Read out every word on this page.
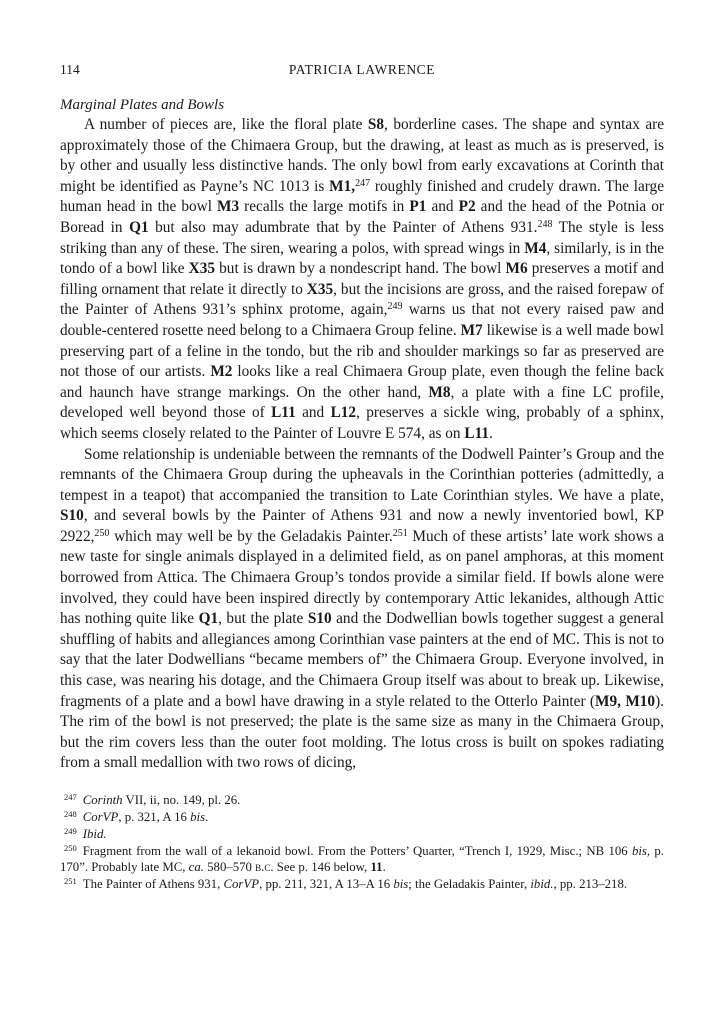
114	PATRICIA LAWRENCE
Marginal Plates and Bowls

A number of pieces are, like the floral plate S8, borderline cases. The shape and syntax are approximately those of the Chimaera Group, but the drawing, at least as much as is preserved, is by other and usually less distinctive hands. The only bowl from early excavations at Corinth that might be identified as Payne’s NC 1013 is M1,$^{247}$ roughly finished and crudely drawn. The large human head in the bowl M3 recalls the large motifs in P1 and P2 and the head of the Potnia or Boread in Q1 but also may adumbrate that by the Painter of Athens 931.$^{248}$ The style is less striking than any of these. The siren, wearing a polos, with spread wings in M4, similarly, is in the tondo of a bowl like X35 but is drawn by a nondescript hand. The bowl M6 preserves a motif and filling ornament that relate it directly to X35, but the incisions are gross, and the raised forepaw of the Painter of Athens 931’s sphinx protome, again,$^{249}$ warns us that not every raised paw and double-centered rosette need belong to a Chimaera Group feline. M7 likewise is a well made bowl preserving part of a feline in the tondo, but the rib and shoulder markings so far as preserved are not those of our artists. M2 looks like a real Chimaera Group plate, even though the feline back and haunch have strange markings. On the other hand, M8, a plate with a fine LC profile, developed well beyond those of L11 and L12, preserves a sickle wing, probably of a sphinx, which seems closely related to the Painter of Louvre E 574, as on L11.

Some relationship is undeniable between the remnants of the Dodwell Painter’s Group and the remnants of the Chimaera Group during the upheavals in the Corinthian potteries (admittedly, a tempest in a teapot) that accompanied the transition to Late Corinthian styles. We have a plate, S10, and several bowls by the Painter of Athens 931 and now a newly inventoried bowl, KP 2922,$^{250}$ which may well be by the Geladakis Painter.$^{251}$ Much of these artists’ late work shows a new taste for single animals displayed in a delimited field, as on panel amphoras, at this moment borrowed from Attica. The Chimaera Group’s tondos provide a similar field. If bowls alone were involved, they could have been inspired directly by contemporary Attic lekanides, although Attic has nothing quite like Q1, but the plate S10 and the Dodwellian bowls together suggest a general shuffling of habits and allegiances among Corinthian vase painters at the end of MC. This is not to say that the later Dodwellians “became members of” the Chimaera Group. Everyone involved, in this case, was nearing his dotage, and the Chimaera Group itself was about to break up. Likewise, fragments of a plate and a bowl have drawing in a style related to the Otterlo Painter (M9, M10). The rim of the bowl is not preserved; the plate is the same size as many in the Chimaera Group, but the rim covers less than the outer foot molding. The lotus cross is built on spokes radiating from a small medallion with two rows of dicing,

$^{247}$ Corinth VII, ii, no. 149, pl. 26.
$^{248}$ CorVP, p. 321, A 16 bis.
$^{249}$ Ibid.
$^{250}$ Fragment from the wall of a lekanoid bowl. From the Potters’ Quarter, “Trench I, 1929, Misc.; NB 106 bis, p. 170”. Probably late MC, ca. 580–570 b.c. See p. 146 below, 11.
$^{251}$ The Painter of Athens 931, CorVP, pp. 211, 321, A 13–A 16 bis; the Geladakis Painter, ibid., pp. 213–218.
